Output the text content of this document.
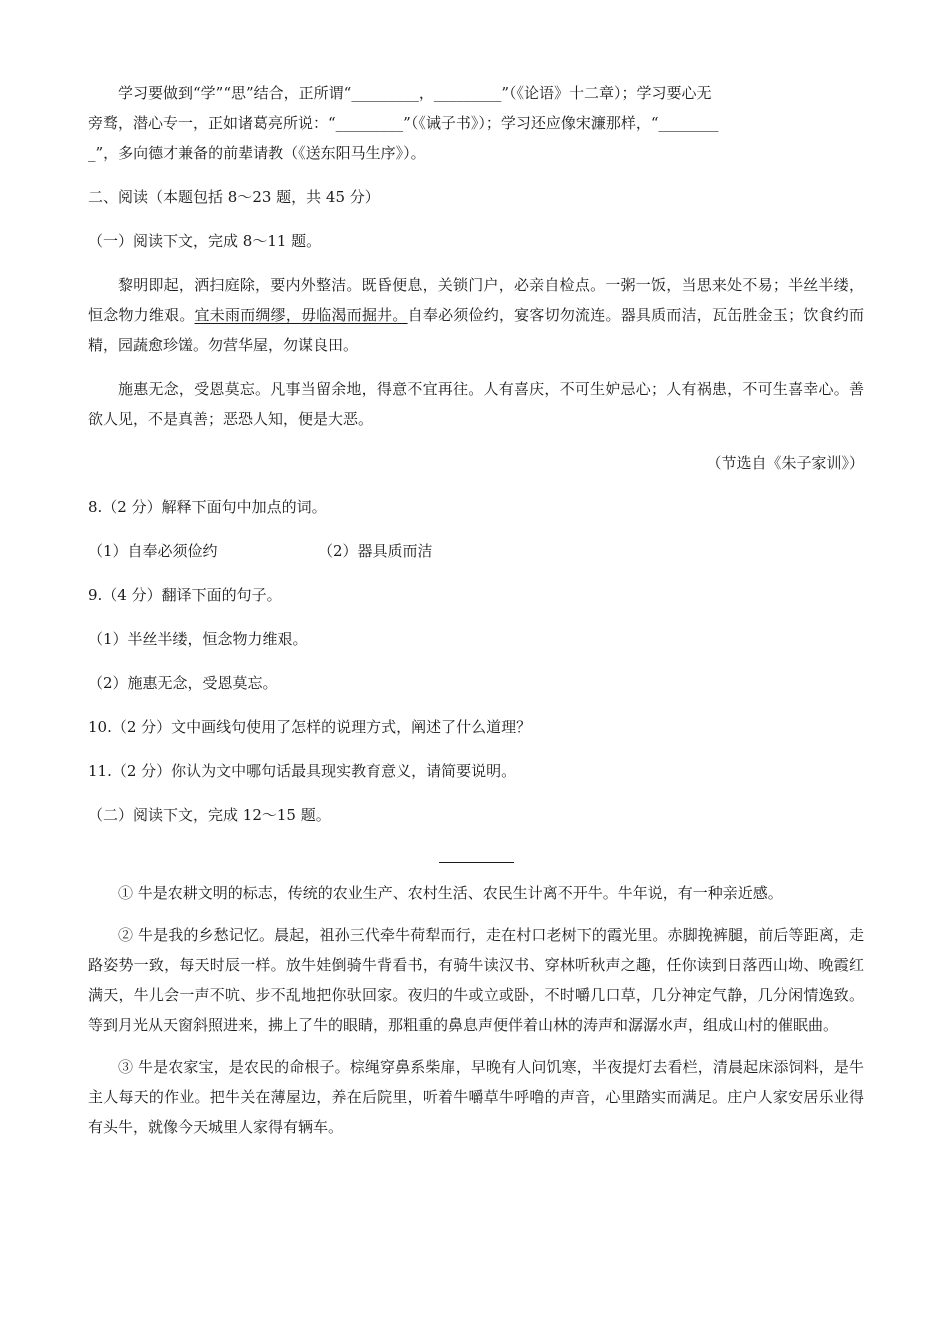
学习要做到“学”“思”结合，正所谓“_________，_________”（《论语》十二章）；学习要心无
旁骛，潜心专一，正如诸葛亮所说：“_________”（《诫子书》）；学习还应像宋濂那样，“________
_”，多向德才兼备的前辈请教（《送东阳马生序》）。
二、阅读（本题包括 8～23 题，共 45 分）
（一）阅读下文，完成 8～11 题。
黎明即起，洒扫庭除，要内外整洁。既昏便息，关锁门户，必亲自检点。一粥一饭，当思来处不易；半丝半缕，恒念物力维艰。宜未雨而绸缪，毋临渴而掘井。自奉必须俭约，宴客切勿流连。器具质而洁，瓦缶胜金玉；饮食约而精，园蔬愈珍馐。勿营华屋，勿谋良田。
施惠无念，受恩莫忘。凡事当留余地，得意不宜再往。人有喜庆，不可生妒忌心；人有祸患，不可生喜幸心。善欲人见，不是真善；恶恐人知，便是大恶。
（节选自《朱子家训》）
8.（2 分）解释下面句中加点的词。
（1）自奉必须俭约	（2）器具质而洁
9.（4 分）翻译下面的句子。
（1）半丝半缕，恒念物力维艰。
（2）施惠无念，受恩莫忘。
10.（2 分）文中画线句使用了怎样的说理方式，阐述了什么道理？
11.（2 分）你认为文中哪句话最具现实教育意义，请简要说明。
（二）阅读下文，完成 12～15 题。
① 牛是农耕文明的标志，传统的农业生产、农村生活、农民生计离不开牛。牛年说，有一种亲近感。
② 牛是我的乡愁记忆。晨起，祖孙三代牵牛荷犁而行，走在村口老树下的霞光里。赤脚挽裤腿，前后等距离，走路姿势一致，每天时辰一样。放牛娃倒骑牛背看书，有骑牛读汉书、穿林听秋声之趣，任你读到日落西山坳、晚霞红满天，牛儿会一声不吭、步不乱地把你驮回家。夜归的牛或立或卧，不时嚼几口草，几分神定气静，几分闲情逸致。等到月光从天窗斜照进来，拂上了牛的眼睛，那粗重的鼻息声便伴着山林的涛声和潺潺水声，组成山村的催眠曲。
③ 牛是农家宝，是农民的命根子。棕绳穿鼻系柴扉，早晚有人问饥寒，半夜提灯去看栏，清晨起床添饲料，是牛主人每天的作业。把牛关在薄屋边，养在后院里，听着牛嚼草牛呼噜的声音，心里踏实而满足。庄户人家安居乐业得有头牛，就像今天城里人家得有辆车。
